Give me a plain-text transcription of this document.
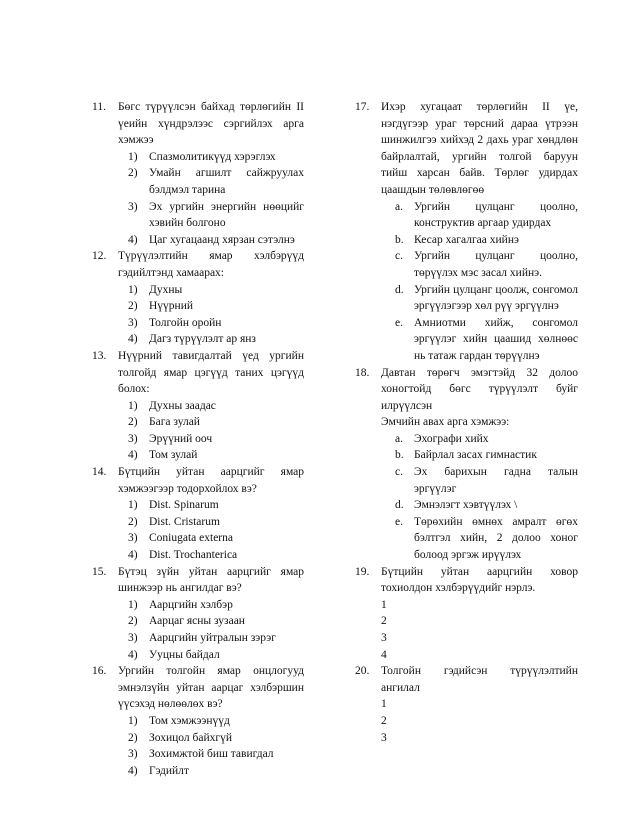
11.	Бөгс түрүүлсэн байхад төрлөгийн II үеийн хүндрэлээс сэргийлэх арга хэмжээ
1) Спазмолитикүүд хэрэглэх
2) Умайн агшилт сайжруулах бэлдмэл тарина
3) Эх ургийн энергийн нөөцийг хэвийн болгоно
4) Цаг хугацаанд хярзан сэтэлнэ
12.	Түрүүлэлтийн ямар хэлбэрүүд гэдийлтэнд хамаарах:
1) Духны
2) Нүүрний
3) Толгойн оройн
4) Дагз түрүүлэлт ар янз
13.	Нүүрний тавигдалтай үед ургийн толгойд ямар цэгүүд таних цэгүүд болох:
1) Духны заадас
2) Бага зулай
3) Эрүүний ооч
4) Том зулай
14.	Бүтцийн уйтан аарцгийг ямар хэмжээгээр тодорхойлох вэ?
1) Dist. Spinarum
2) Dist. Cristarum
3) Coniugata externa
4) Dist. Trochanterica
15.	Бүтэц зүйн уйтан аарцгийг ямар шинжээр нь ангилдаг вэ?
1) Аарцгийн хэлбэр
2) Аарцаг ясны зузаан
3) Аарцгийн уйтралын зэрэг
4) Ууцны байдал
16.	Ургийн толгойн ямар онцлогууд эмнэлзүйн уйтан аарцаг хэлбэршин үүсэхэд нөлөөлөх вэ?
1) Том хэмжээнүүд
2) Зохицол байхгүй
3) Зохимжтой биш тавигдал
4) Гэдийлт
17.	Ихэр хугацаат төрлөгийн II үе, нэгдүгээр ураг төрсний дараа үтрээн шинжилгээ хийхэд 2 дахь ураг хөндлөн байрлалтай, ургийн толгой баруун тийш харсан байв. Төрлөг удирдах цаашдын төлөвлөгөө
a. Ургийн цулцанг цоолно, конструктив аргаар удирдах
b. Кесар хагалгаа хийнэ
c. Ургийн цулцанг цоолно, төрүүлэх мэс засал хийнэ.
d. Ургийн цулцанг цоолж, сонгомол эргүүлэгээр хөл рүү эргүүлнэ
e. Амниотми хийж, сонгомол эргүүлэг хийн цаашид хөлнөөс нь татаж гардан төрүүлнэ
18.	Давтан төрөгч эмэгтэйд 32 долоо хоногтойд бөгс түрүүлэлт буйг илрүүлсэн
Эмчийн авах арга хэмжээ:
a. Эхографи хийх
b. Байрлал засах гимнастик
c. Эх барихын гадна талын эргүүлэг
d. Эмнэлэгт хэвтүүлэх \
e. Төрөхийн өмнөх амралт өгөх бэлтгэл хийн, 2 долоо хоног болоод эргэж ирүүлэх
19.	Бүтцийн уйтан аарцгийн ховор тохиолдон хэлбэрүүдийг нэрлэ.
1
2
3
4
20.	Толгойн гэдийсэн түрүүлэлтийн ангилал
1
2
3
